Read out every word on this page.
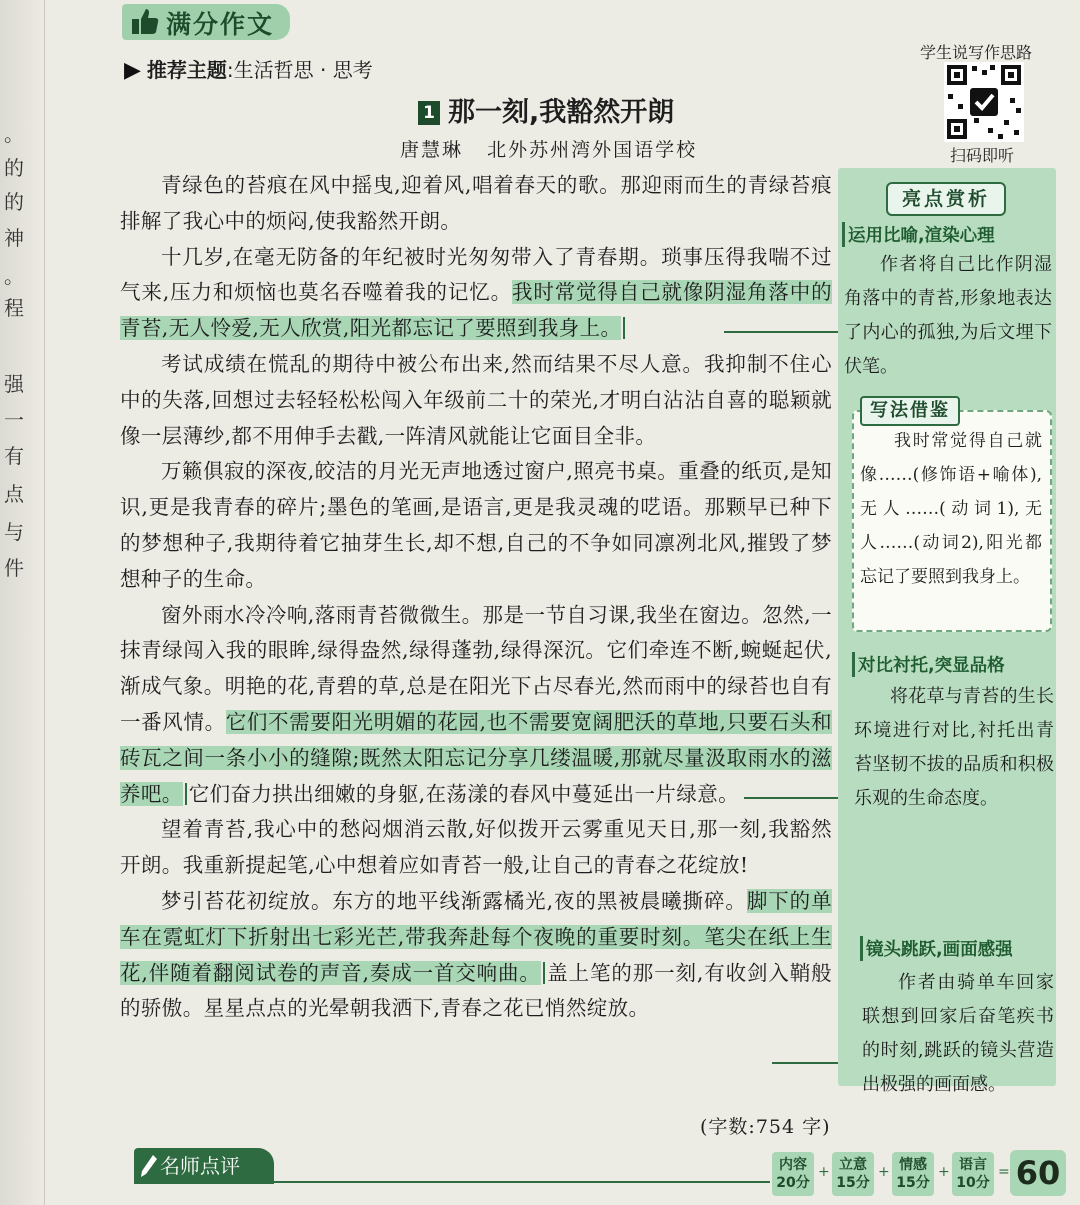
。
的
的
神
。
程
强
一
有
点
与
件
满分作文
▶ 推荐主题:生活哲思 · 思考
学生说写作思路
扫码即听
1 那一刻,我豁然开朗
唐慧琳 北外苏州湾外国语学校

青绿色的苔痕在风中摇曳,迎着风,唱着春天的歌。那迎雨而生的青绿苔痕排解了我心中的烦闷,使我豁然开朗。

十几岁,在毫无防备的年纪被时光匆匆带入了青春期。琐事压得我喘不过气来,压力和烦恼也莫名吞噬着我的记忆。我时常觉得自己就像阴湿角落中的青苔,无人怜爱,无人欣赏,阳光都忘记了要照到我身上。

考试成绩在慌乱的期待中被公布出来,然而结果不尽人意。我抑制不住心中的失落,回想过去轻轻松松闯入年级前二十的荣光,才明白沾沾自喜的聪颖就像一层薄纱,都不用伸手去戳,一阵清风就能让它面目全非。

万籁俱寂的深夜,皎洁的月光无声地透过窗户,照亮书桌。重叠的纸页,是知识,更是我青春的碎片;墨色的笔画,是语言,更是我灵魂的呓语。那颗早已种下的梦想种子,我期待着它抽芽生长,却不想,自己的不争如同凛冽北风,摧毁了梦想种子的生命。

窗外雨水冷冷响,落雨青苔微微生。那是一节自习课,我坐在窗边。忽然,一抹青绿闯入我的眼眸,绿得盎然,绿得蓬勃,绿得深沉。它们牵连不断,蜿蜒起伏,渐成气象。明艳的花,青碧的草,总是在阳光下占尽春光,然而雨中的绿苔也自有一番风情。它们不需要阳光明媚的花园,也不需要宽阔肥沃的草地,只要石头和砖瓦之间一条小小的缝隙;既然太阳忘记分享几缕温暖,那就尽量汲取雨水的滋养吧。 它们奋力拱出细嫩的身躯,在荡漾的春风中蔓延出一片绿意。

望着青苔,我心中的愁闷烟消云散,好似拨开云雾重见天日,那一刻,我豁然开朗。我重新提起笔,心中想着应如青苔一般,让自己的青春之花绽放!

梦引苔花初绽放。东方的地平线渐露橘光,夜的黑被晨曦撕碎。脚下的单车在霓虹灯下折射出七彩光芒,带我奔赴每个夜晚的重要时刻。笔尖在纸上生花,伴随着翻阅试卷的声音,奏成一首交响曲。 盖上笔的那一刻,有收剑入鞘般的骄傲。星星点点的光晕朝我洒下,青春之花已悄然绽放。

(字数:754 字)
亮点赏析
运用比喻,渲染心理
作者将自己比作阴湿角落中的青苔,形象地表达了内心的孤独,为后文埋下伏笔。
写法借鉴
我时常觉得自己就像……(修饰语+喻体),无人……(动词1),无人……(动词2),阳光都忘记了要照到我身上。
对比衬托,突显品格
将花草与青苔的生长环境进行对比,衬托出青苔坚韧不拔的品质和积极乐观的生命态度。
镜头跳跃,画面感强
作者由骑单车回家联想到回家后奋笔疾书的时刻,跳跃的镜头营造出极强的画面感。
名师点评	内容
20分
+ 立意
15分
+ 情感
15分
+ 语言
10分
= 60
